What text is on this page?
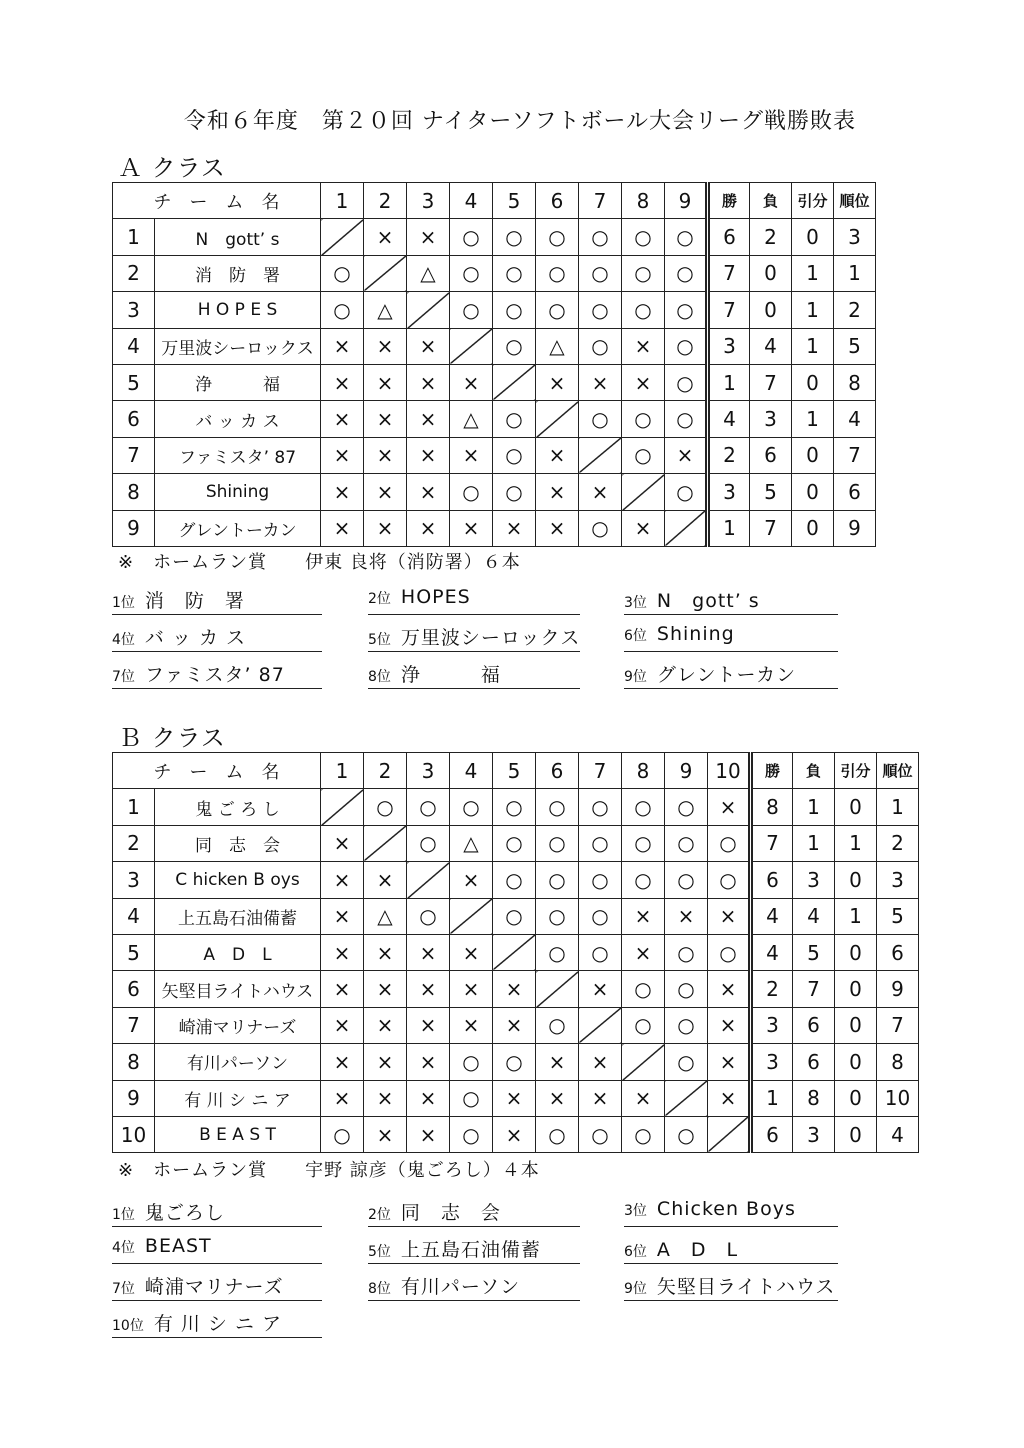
令和６年度　第２０回 ナイターソフトボール大会リーグ戦勝敗表
Ａ クラス
チ　ー　ム　名		1	2	3	4	5	6	7	8	9	勝	負	引分	順位
1	N　gott’ s		×	×	○	○	○	○	○	○	6	2	0	3
2	消　防　署	○		△	○	○	○	○	○	○	7	0	1	1
3	H O P E S	○	△		○	○	○	○	○	○	7	0	1	2
4	万里波シーロックス	×	×	×		○	△	○	×	○	3	4	1	5
5	浄　　　福	×	×	×	×		×	×	×	○	1	7	0	8
6	バ ッ カ ス	×	×	×	△	○		○	○	○	4	3	1	4
7	ファミスタ’ 87	×	×	×	×	○	×		○	×	2	6	0	7
8	Shining	×	×	×	○	○	×	×		○	3	5	0	6
9	グレントーカン	×	×	×	×	×	×	○	×		1	7	0	9
※　ホームラン賞　　伊東 良将（消防署）６本
1位 消　防　署	2位 HOPES	3位 N　gott’ s
4位 バ ッ カ ス	5位 万里波シーロックス	6位 Shining
7位 ファミスタ’ 87	8位 浄　　　福	9位 グレントーカン
Ｂ クラス
チ　ー　ム　名		1	2	3	4	5	6	7	8	9	10	勝	負	引分	順位
1	鬼 ご ろ し		○	○	○	○	○	○	○	○	×	8	1	0	1
2	同　志　会	×		○	△	○	○	○	○	○	○	7	1	1	2
3	C hicken B oys	×	×		×	○	○	○	○	○	○	6	3	0	3
4	上五島石油備蓄	×	△	○		○	○	○	×	×	×	4	4	1	5
5	A　D　L	×	×	×	×		○	○	×	○	○	4	5	0	6
6	矢堅目ライトハウス	×	×	×	×	×		×	○	○	×	2	7	0	9
7	崎浦マリナーズ	×	×	×	×	×	○		○	○	×	3	6	0	7
8	有川パーソン	×	×	×	○	○	×	×		○	×	3	6	0	8
9	有 川 シ ニ ア	×	×	×	○	×	×	×	×		×	1	8	0	10
10	B E A S T	○	×	×	○	×	○	○	○	○		6	3	0	4
※　ホームラン賞　　宇野 諒彦（鬼ごろし）４本
1位 鬼ごろし	2位 同　志　会	3位 Chicken Boys
4位 BEAST	5位 上五島石油備蓄	6位 A　D　L
7位 崎浦マリナーズ	8位 有川パーソン	9位 矢堅目ライトハウス
10位 有 川 シ ニ ア
